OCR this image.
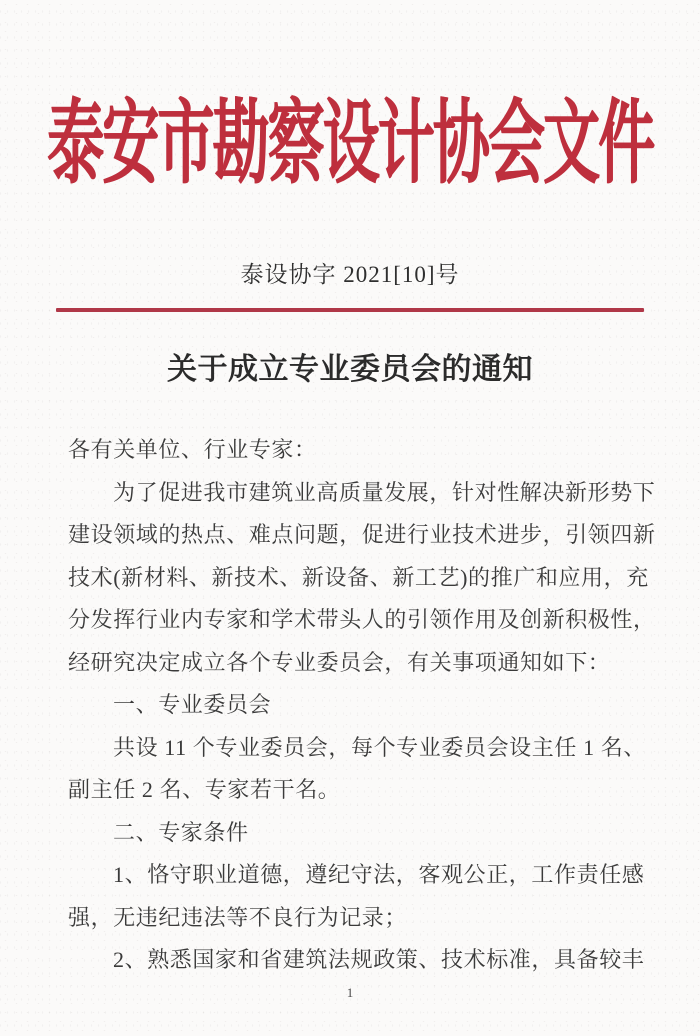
泰安市勘察设计协会文件
泰设协字 2021[10]号
关于成立专业委员会的通知
各有关单位、行业专家：
为了促进我市建筑业高质量发展，针对性解决新形势下
建设领域的热点、难点问题，促进行业技术进步，引领四新
技术(新材料、新技术、新设备、新工艺)的推广和应用，充
分发挥行业内专家和学术带头人的引领作用及创新积极性，
经研究决定成立各个专业委员会，有关事项通知如下：
一、专业委员会
共设 11 个专业委员会，每个专业委员会设主任 1 名、
副主任 2 名、专家若干名。
二、专家条件
1、恪守职业道德，遵纪守法，客观公正，工作责任感
强，无违纪违法等不良行为记录；
2、熟悉国家和省建筑法规政策、技术标准，具备较丰
1
